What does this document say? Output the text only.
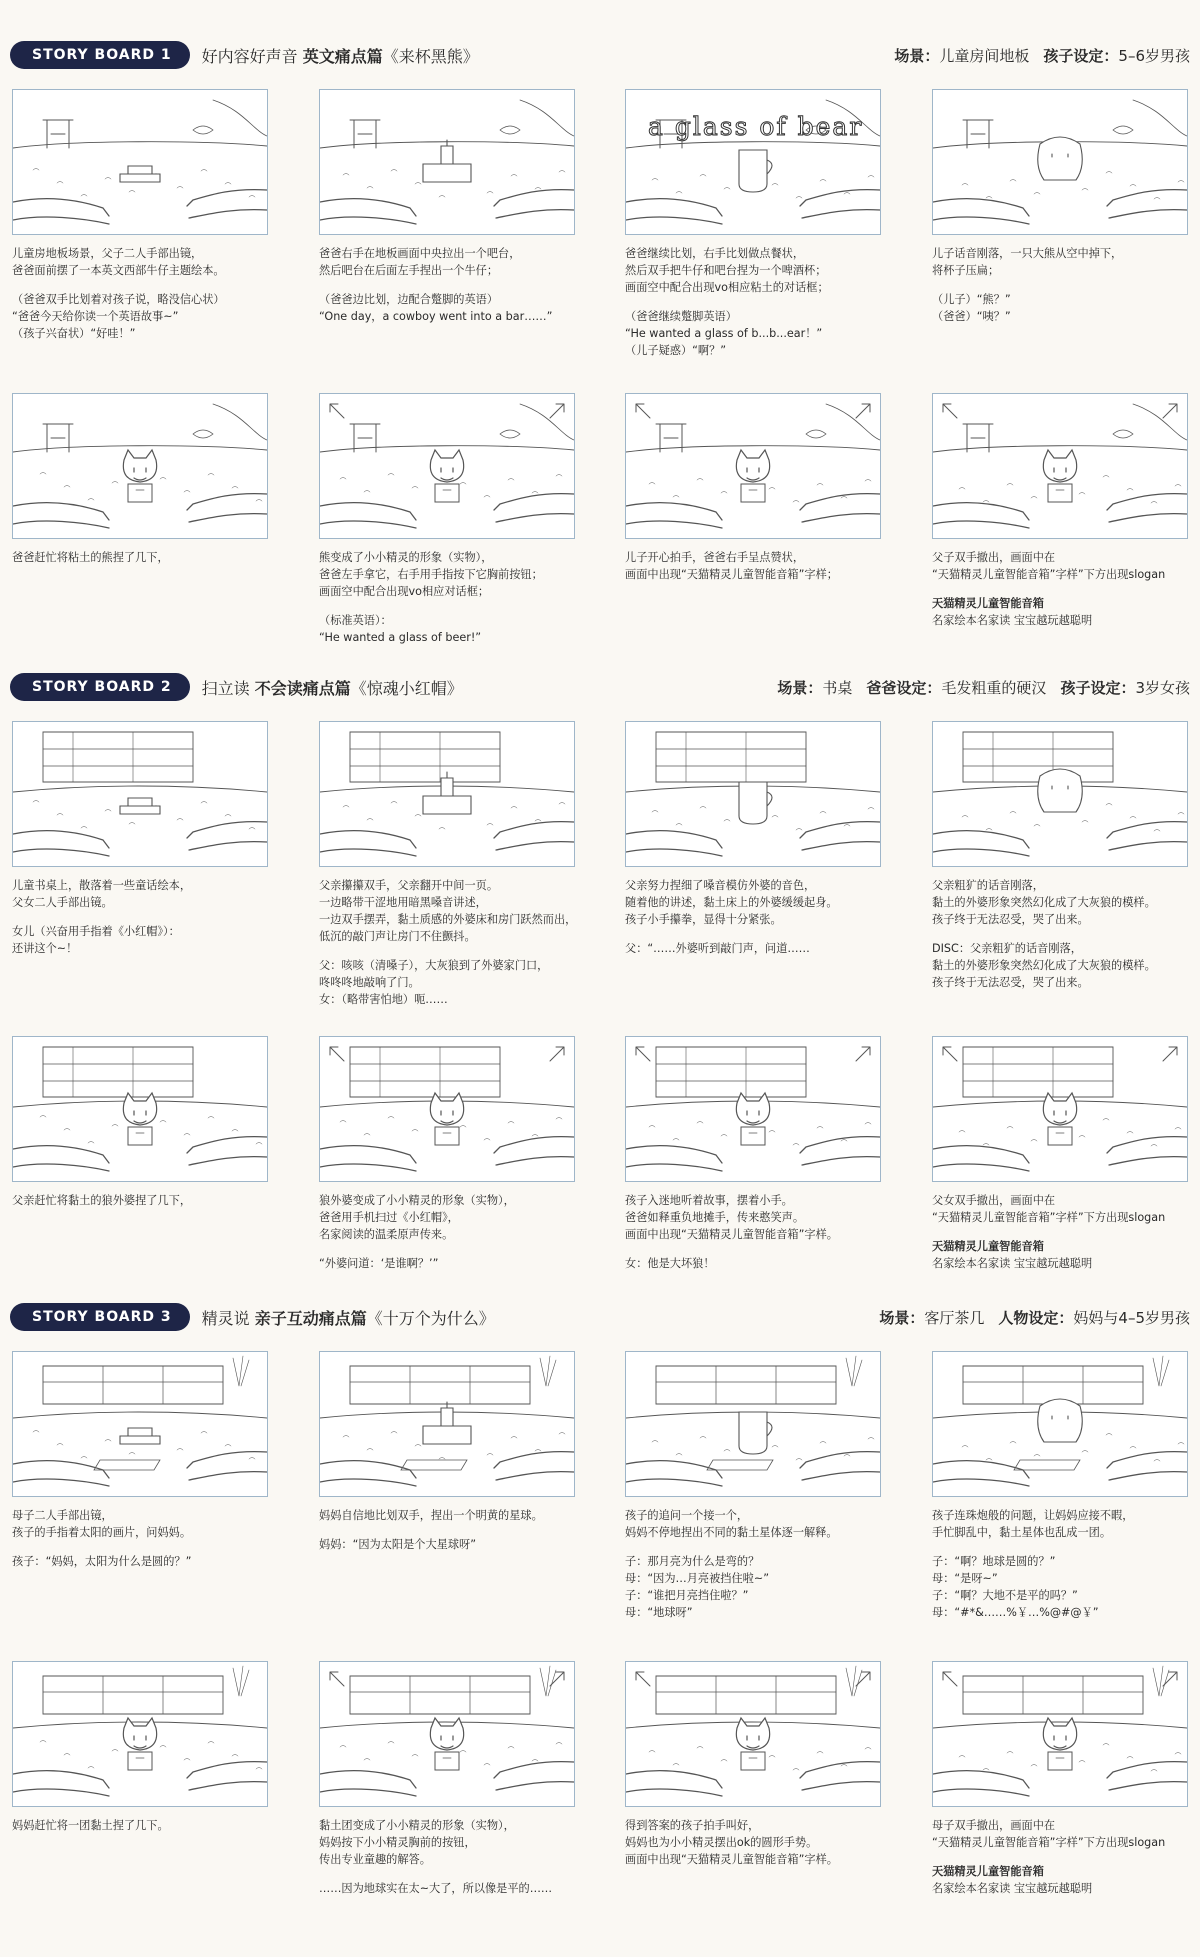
STORY BOARD 1	好内容好声音 英文痛点篇《来杯黑熊》	场景：儿童房间地板 孩子设定：5–6岁男孩
儿童房地板场景，父子二人手部出镜，
爸爸面前摆了一本英文西部牛仔主题绘本。
（爸爸双手比划着对孩子说，略没信心状）
“爸爸今天给你读一个英语故事~”
（孩子兴奋状）“好哇！”
爸爸右手在地板画面中央拉出一个吧台，
然后吧台在后面左手捏出一个牛仔；
（爸爸边比划，边配合蹩脚的英语）
“One day，a cowboy went into a bar……”
a glass of bear
爸爸继续比划，右手比划做点餐状，
然后双手把牛仔和吧台捏为一个啤酒杯；
画面空中配合出现vo相应粘土的对话框；
（爸爸继续蹩脚英语）
“He wanted a glass of b...b...ear！”
（儿子疑惑）“啊？”
儿子话音刚落，一只大熊从空中掉下，
将杯子压扁；
（儿子）“熊？”
（爸爸）“咦？”
爸爸赶忙将粘土的熊捏了几下，	熊变成了小小精灵的形象（实物），
爸爸左手拿它，右手用手指按下它胸前按钮；
画面空中配合出现vo相应对话框；
（标准英语）：
“He wanted a glass of beer!”
儿子开心拍手，爸爸右手呈点赞状，
画面中出现“天猫精灵儿童智能音箱”字样；
父子双手撤出，画面中在
“天猫精灵儿童智能音箱”字样”下方出现slogan
天猫精灵儿童智能音箱
名家绘本名家读 宝宝越玩越聪明
STORY BOARD 2	扫立读 不会读痛点篇《惊魂小红帽》	场景：书桌 爸爸设定：毛发粗重的硬汉 孩子设定：3岁女孩
儿童书桌上，散落着一些童话绘本，
父女二人手部出镜。
女儿（兴奋用手指着《小红帽》）：
还讲这个~！
父亲攥攥双手，父亲翻开中间一页。
一边略带干涩地用暗黑嗓音讲述，
一边双手摆弄，黏土质感的外婆床和房门跃然而出，
低沉的敲门声让房门不住颤抖。
父：咳咳（清嗓子），大灰狼到了外婆家门口，
咚咚咚地敲响了门。
女：（略带害怕地）呃……
父亲努力捏细了嗓音模仿外婆的音色，
随着他的讲述，黏土床上的外婆缓缓起身。
孩子小手攥拳，显得十分紧张。
父：“……外婆听到敲门声，问道……
父亲粗犷的话音刚落，
黏土的外婆形象突然幻化成了大灰狼的模样。
孩子终于无法忍受，哭了出来。
DISC：父亲粗犷的话音刚落，
黏土的外婆形象突然幻化成了大灰狼的模样。
孩子终于无法忍受，哭了出来。
父亲赶忙将黏土的狼外婆捏了几下，	狼外婆变成了小小精灵的形象（实物），
爸爸用手机扫过《小红帽》，
名家阅读的温柔原声传来。
“外婆问道：‘是谁啊？’”
孩子入迷地听着故事，摆着小手。
爸爸如释重负地摊手，传来憨笑声。
画面中出现“天猫精灵儿童智能音箱”字样。
女：他是大坏狼！
父女双手撤出，画面中在
“天猫精灵儿童智能音箱”字样”下方出现slogan
天猫精灵儿童智能音箱
名家绘本名家读 宝宝越玩越聪明
STORY BOARD 3	精灵说 亲子互动痛点篇《十万个为什么》	场景：客厅茶几 人物设定：妈妈与4–5岁男孩
母子二人手部出镜，
孩子的手指着太阳的画片，问妈妈。
孩子：“妈妈，太阳为什么是圆的？”
妈妈自信地比划双手，捏出一个明黄的星球。
妈妈：“因为太阳是个大星球呀”
孩子的追问一个接一个，
妈妈不停地捏出不同的黏土星体逐一解释。
子：那月亮为什么是弯的？
母：“因为…月亮被挡住啦~”
子：“谁把月亮挡住啦？”
母：“地球呀”
孩子连珠炮般的问题，让妈妈应接不暇，
手忙脚乱中，黏土星体也乱成一团。
子：“啊？地球是圆的？”
母：“是呀~”
子：“啊？大地不是平的吗？”
母：“#*&……%￥…%@#@￥”
妈妈赶忙将一团黏土捏了几下。	黏土团变成了小小精灵的形象（实物），
妈妈按下小小精灵胸前的按钮，
传出专业童趣的解答。
……因为地球实在太~大了，所以像是平的……
得到答案的孩子拍手叫好，
妈妈也为小小精灵摆出ok的圆形手势。
画面中出现“天猫精灵儿童智能音箱”字样。
母子双手撤出，画面中在
“天猫精灵儿童智能音箱”字样”下方出现slogan
天猫精灵儿童智能音箱
名家绘本名家读 宝宝越玩越聪明
